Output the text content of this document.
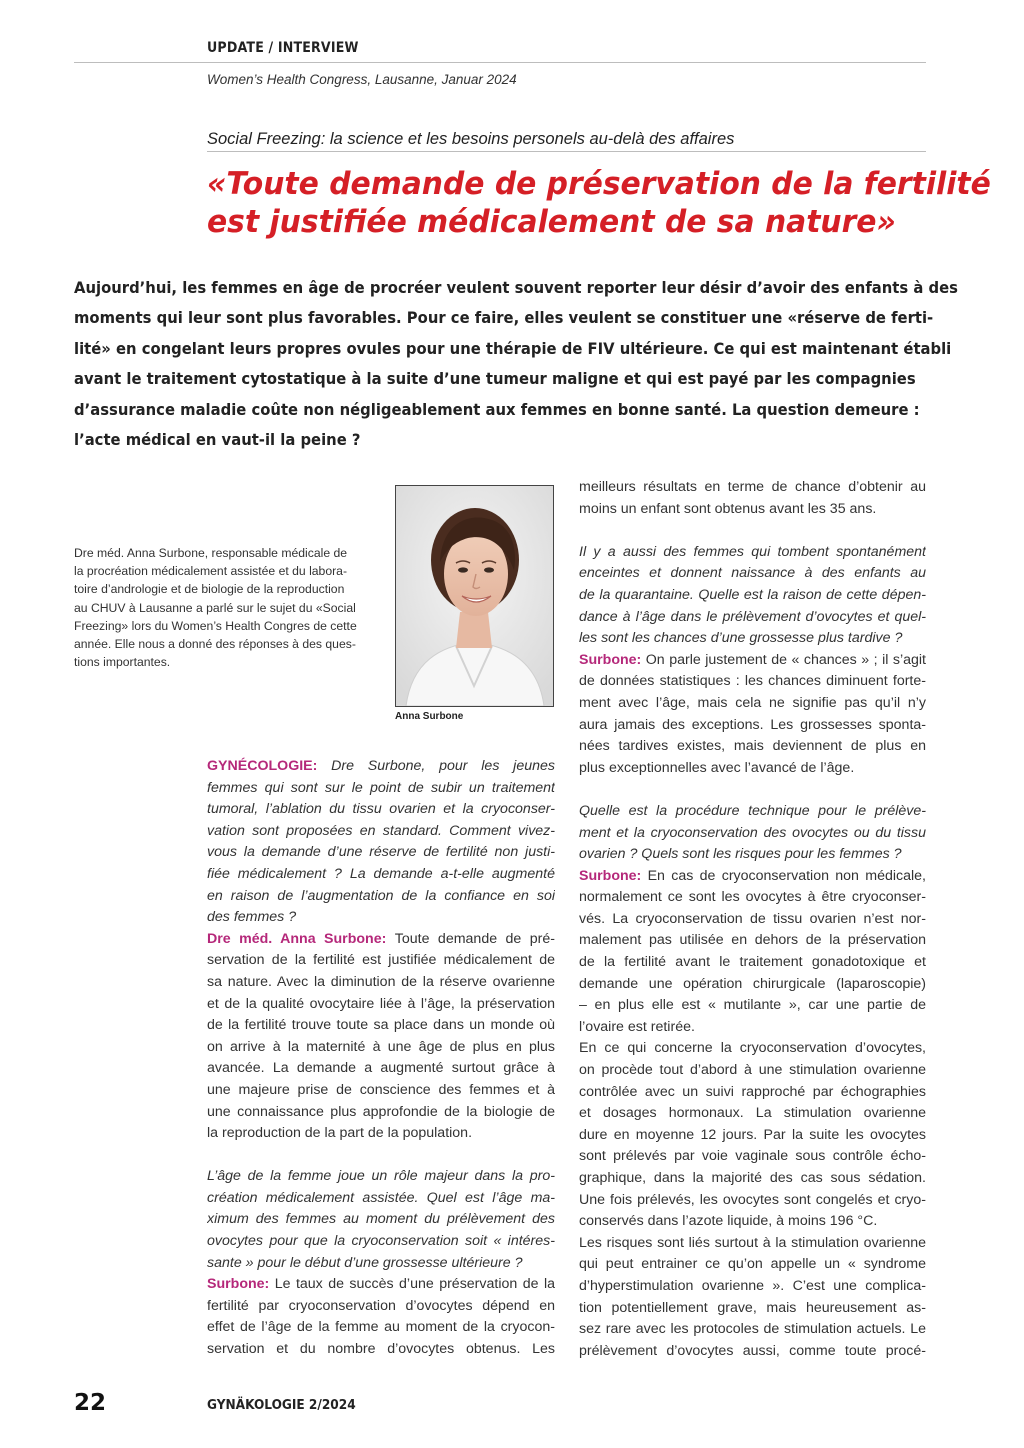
UPDATE / INTERVIEW
Women’s Health Congress, Lausanne, Januar 2024
Social Freezing: la science et les besoins personels au-delà des affaires
«Toute demande de préservation de la fertilité
est justifiée médicalement de sa nature»
Aujourd’hui, les femmes en âge de procréer veulent souvent reporter leur désir d’avoir des enfants à des
moments qui leur sont plus favorables. Pour ce faire, elles veulent se constituer une «réserve de ferti-
lité» en congelant leurs propres ovules pour une thérapie de FIV ultérieure. Ce qui est maintenant établi
avant le traitement cytostatique à la suite d’une tumeur maligne et qui est payé par les compagnies
d’assurance maladie coûte non négligeablement aux femmes en bonne santé. La question demeure :
l’acte médical en vaut-il la peine ?
Dre méd. Anna Surbone, responsable médicale de
la procréation médicalement assistée et du labora-
toire d’andrologie et de biologie de la reproduction
au CHUV à Lausanne a parlé sur le sujet du «Social
Freezing» lors du Women’s Health Congres de cette
année. Elle nous a donné des réponses à des ques-
tions importantes.
Anna Surbone
GYNÉCOLOGIE: Dre Surbone, pour les jeunes
femmes qui sont sur le point de subir un traitement
tumoral, l’ablation du tissu ovarien et la cryoconser-
vation sont proposées en standard. Comment vivez-
vous la demande d’une réserve de fertilité non justi-
fiée médicalement ? La demande a-t-elle augmenté
en raison de l’augmentation de la confiance en soi
des femmes ?
Dre méd. Anna Surbone: Toute demande de pré-
servation de la fertilité est justifiée médicalement de
sa nature. Avec la diminution de la réserve ovarienne
et de la qualité ovocytaire liée à l’âge, la préservation
de la fertilité trouve toute sa place dans un monde où
on arrive à la maternité à une âge de plus en plus
avancée. La demande a augmenté surtout grâce à
une majeure prise de conscience des femmes et à
une connaissance plus approfondie de la biologie de
la reproduction de la part de la population.
L’âge de la femme joue un rôle majeur dans la pro-
création médicalement assistée. Quel est l’âge ma-
ximum des femmes au moment du prélèvement des
ovocytes pour que la cryoconservation soit « intéres-
sante » pour le début d’une grossesse ultérieure ?
Surbone: Le taux de succès d’une préservation de la
fertilité par cryoconservation d’ovocytes dépend en
effet de l’âge de la femme au moment de la cryocon-
servation et du nombre d’ovocytes obtenus. Les
meilleurs résultats en terme de chance d’obtenir au
moins un enfant sont obtenus avant les 35 ans.
Il y a aussi des femmes qui tombent spontanément
enceintes et donnent naissance à des enfants au
de la quarantaine. Quelle est la raison de cette dépen-
dance à l’âge dans le prélèvement d’ovocytes et quel-
les sont les chances d’une grossesse plus tardive ?
Surbone: On parle justement de « chances » ; il s’agit
de données statistiques : les chances diminuent forte-
ment avec l’âge, mais cela ne signifie pas qu’il n’y
aura jamais des exceptions. Les grossesses sponta-
nées tardives existes, mais deviennent de plus en
plus exceptionnelles avec l’avancé de l’âge.
Quelle est la procédure technique pour le prélève-
ment et la cryoconservation des ovocytes ou du tissu
ovarien ? Quels sont les risques pour les femmes ?
Surbone: En cas de cryoconservation non médicale,
normalement ce sont les ovocytes à être cryoconser-
vés. La cryoconservation de tissu ovarien n’est nor-
malement pas utilisée en dehors de la préservation
de la fertilité avant le traitement gonadotoxique et
demande une opération chirurgicale (laparoscopie)
– en plus elle est « mutilante », car une partie de
l’ovaire est retirée.
En ce qui concerne la cryoconservation d’ovocytes,
on procède tout d’abord à une stimulation ovarienne
contrôlée avec un suivi rapproché par échographies
et dosages hormonaux. La stimulation ovarienne
dure en moyenne 12 jours. Par la suite les ovocytes
sont prélevés par voie vaginale sous contrôle écho-
graphique, dans la majorité des cas sous sédation.
Une fois prélevés, les ovocytes sont congelés et cryo-
conservés dans l’azote liquide, à moins 196 °C.
Les risques sont liés surtout à la stimulation ovarienne
qui peut entrainer ce qu’on appelle un « syndrome
d’hyperstimulation ovarienne ». C’est une complica-
tion potentiellement grave, mais heureusement as-
sez rare avec les protocoles de stimulation actuels. Le
prélèvement d’ovocytes aussi, comme toute procé-
22	GYNÄKOLOGIE 2/2024
